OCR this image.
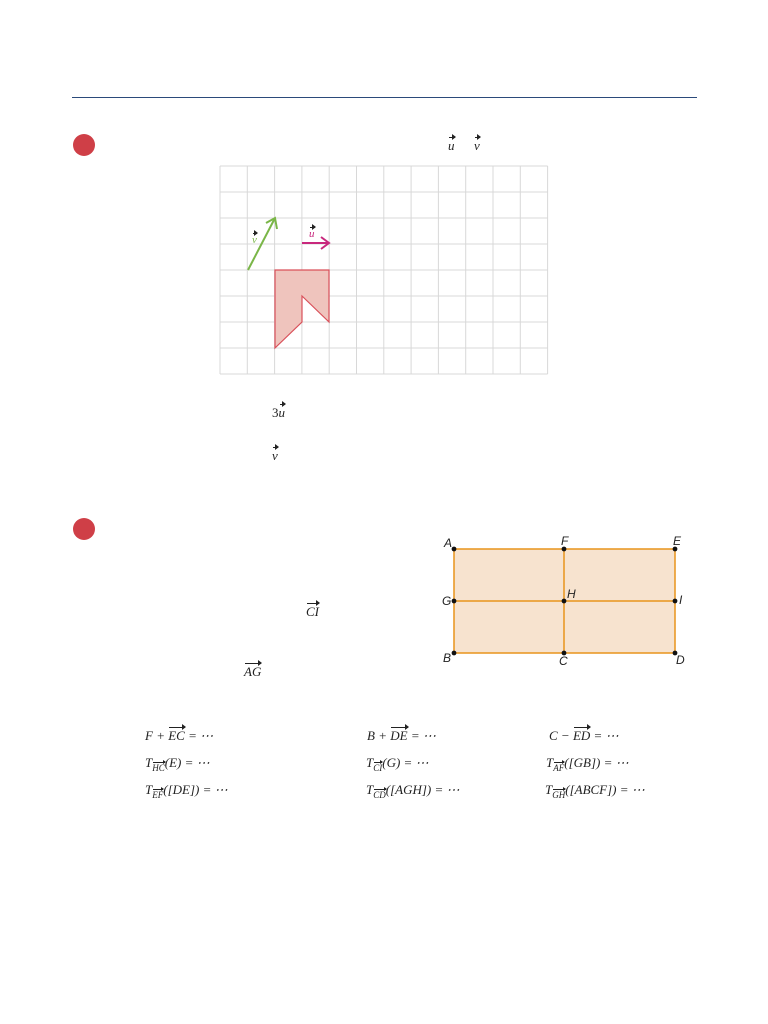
u v
v	u
3u
v
CI
AG
A	F	E
G	H	I
B	C	D
F + EC = ⋯	B + DE = ⋯	C − ED = ⋯
$T_{HC}(E)$ = ⋯	$T_{CI}(G)$ = ⋯	$T_{AF}([GB])$ = ⋯
$T_{EF}([DE])$ = ⋯	$T_{CD}([AGH])$ = ⋯	$T_{GH}([ABCF])$ = ⋯
